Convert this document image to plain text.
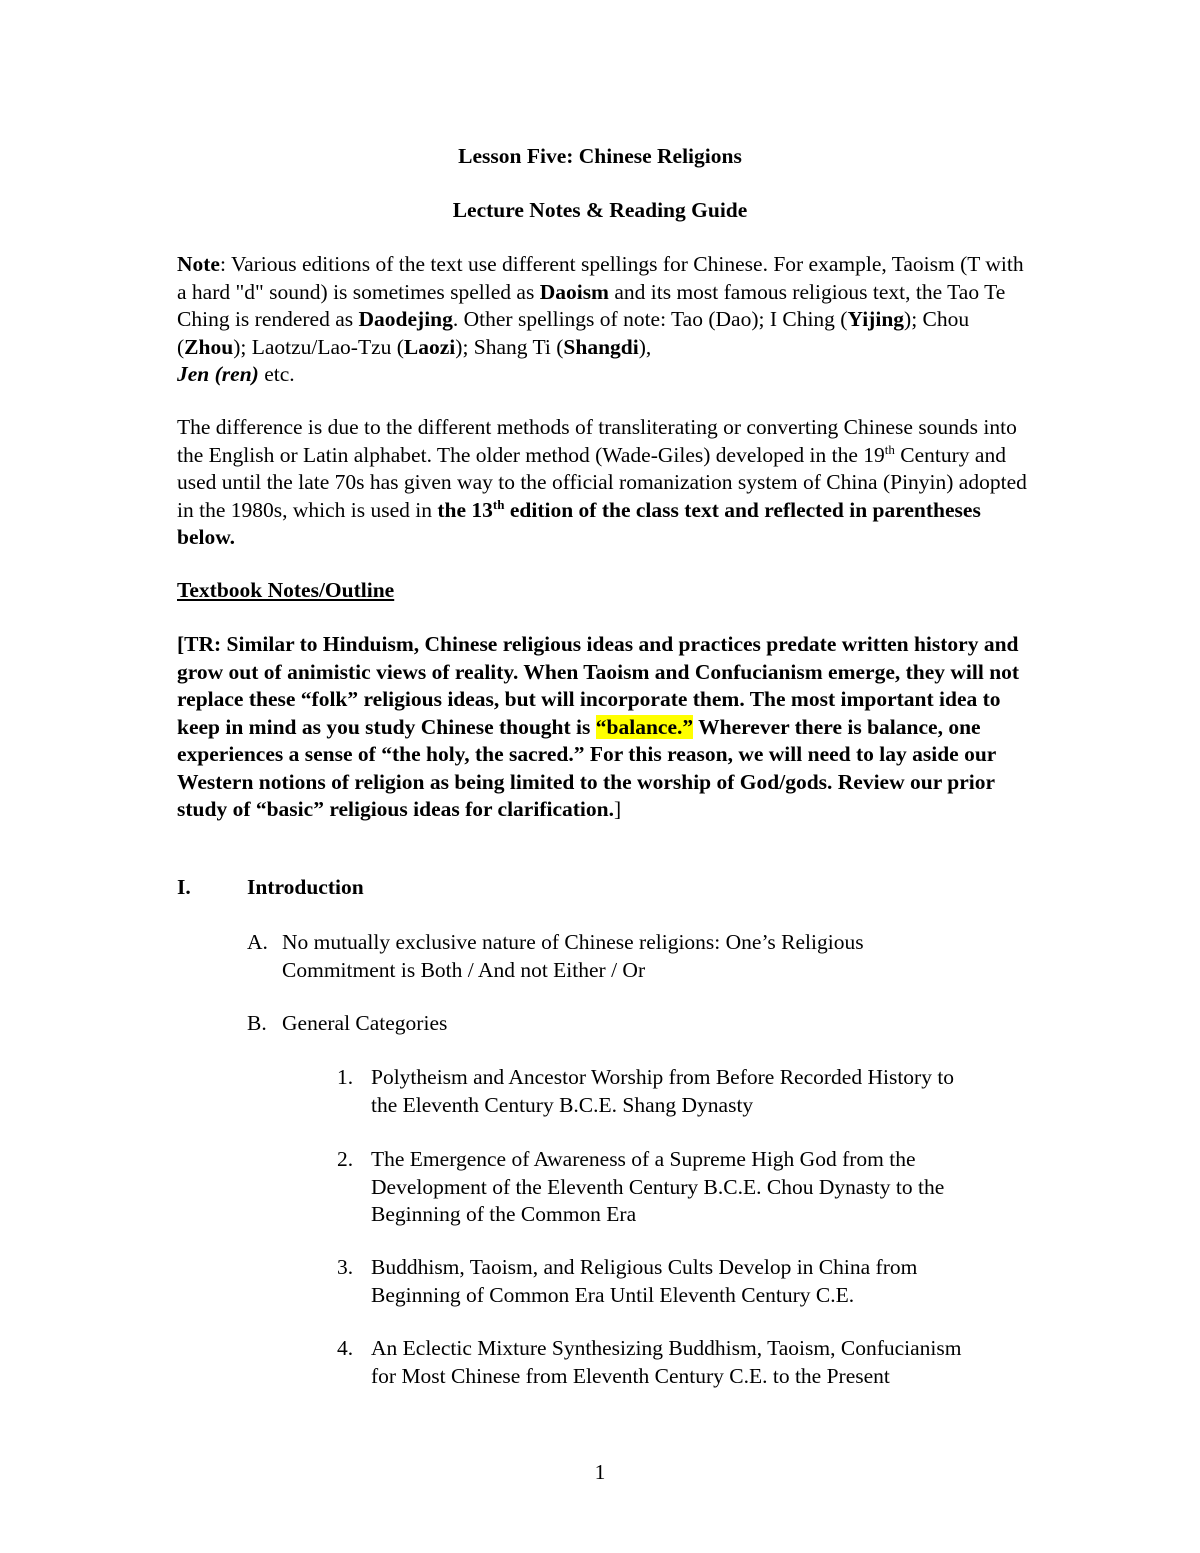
Lesson Five: Chinese Religions
Lecture Notes & Reading Guide

Note: Various editions of the text use different spellings for Chinese. For example, Taoism (T with a hard "d" sound) is sometimes spelled as Daoism and its most famous religious text, the Tao Te Ching is rendered as Daodejing. Other spellings of note: Tao (Dao); I Ching (Yijing); Chou (Zhou); Laotzu/Lao-Tzu (Laozi); Shang Ti (Shangdi),
Jen (ren) etc.

The difference is due to the different methods of transliterating or converting Chinese sounds into the English or Latin alphabet. The older method (Wade-Giles) developed in the 19th Century and used until the late 70s has given way to the official romanization system of China (Pinyin) adopted in the 1980s, which is used in the 13th edition of the class text and reflected in parentheses below.

Textbook Notes/Outline

[TR: Similar to Hinduism, Chinese religious ideas and practices predate written history and grow out of animistic views of reality. When Taoism and Confucianism emerge, they will not replace these “folk” religious ideas, but will incorporate them. The most important idea to keep in mind as you study Chinese thought is “balance.” Wherever there is balance, one experiences a sense of “the holy, the sacred.” For this reason, we will need to lay aside our Western notions of religion as being limited to the worship of God/gods. Review our prior study of “basic” religious ideas for clarification.]

I.	Introduction
A. No mutually exclusive nature of Chinese religions: One’s Religious
Commitment is Both / And not Either / Or
B. General Categories
1. Polytheism and Ancestor Worship from Before Recorded History to
the Eleventh Century B.C.E. Shang Dynasty
2. The Emergence of Awareness of a Supreme High God from the
Development of the Eleventh Century B.C.E. Chou Dynasty to the
Beginning of the Common Era
3. Buddhism, Taoism, and Religious Cults Develop in China from
Beginning of Common Era Until Eleventh Century C.E.
4. An Eclectic Mixture Synthesizing Buddhism, Taoism, Confucianism
for Most Chinese from Eleventh Century C.E. to the Present
1
